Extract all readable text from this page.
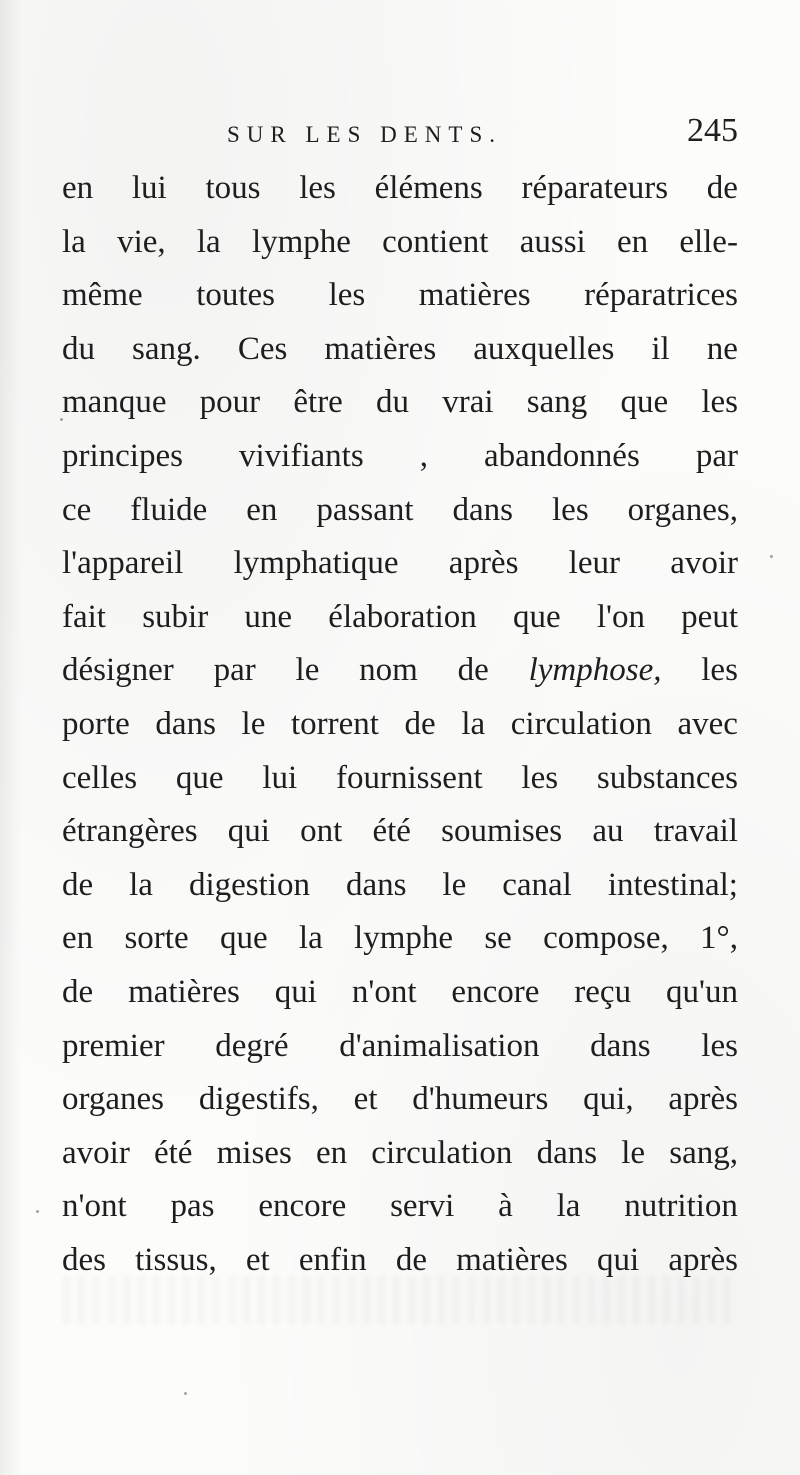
SUR LES DENTS.	245
en lui tous les élémens réparateurs de
la vie, la lymphe contient aussi en elle-
même toutes les matières réparatrices
du sang. Ces matières auxquelles il ne
manque pour être du vrai sang que les
principes vivifiants , abandonnés par
ce fluide en passant dans les organes,
l'appareil lymphatique après leur avoir
fait subir une élaboration que l'on peut
désigner par le nom de lymphose, les
porte dans le torrent de la circulation avec
celles que lui fournissent les substances
étrangères qui ont été soumises au travail
de la digestion dans le canal intestinal;
en sorte que la lymphe se compose, 1°,
de matières qui n'ont encore reçu qu'un
premier degré d'animalisation dans les
organes digestifs, et d'humeurs qui, après
avoir été mises en circulation dans le sang,
n'ont pas encore servi à la nutrition
des tissus, et enfin de matières qui après
